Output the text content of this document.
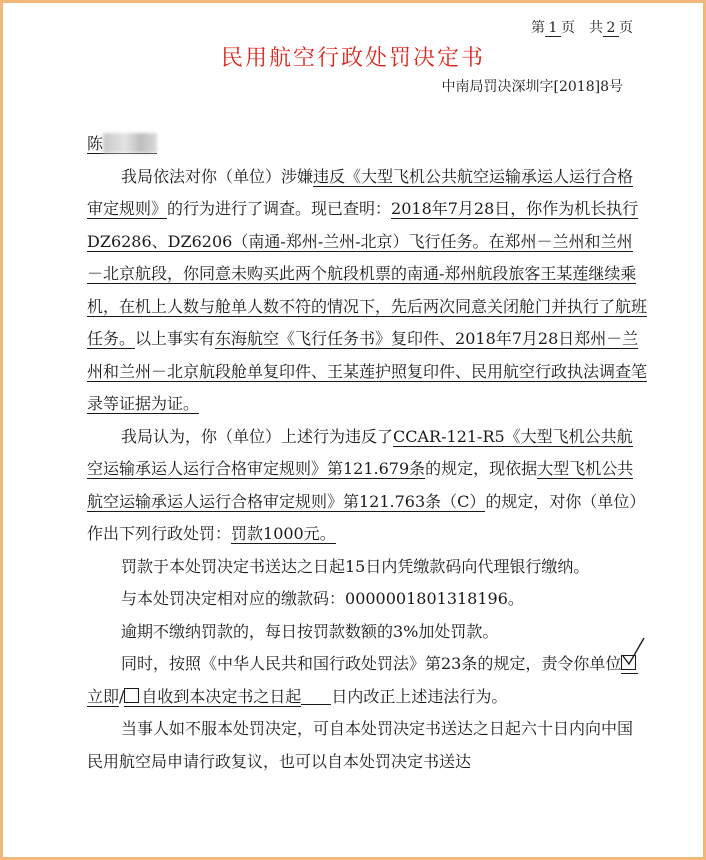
第 1 页　共 2 页
民用航空行政处罚决定书
中南局罚决深圳字[2018]8号

陈

我局依法对你（单位）涉嫌违反《大型飞机公共航空运输承运人运行合格审定规则》的行为进行了调查。现已查明：2018年7月28日，你作为机长执行DZ6286、DZ6206（南通-郑州-兰州-北京）飞行任务。在郑州－兰州和兰州－北京航段，你同意未购买此两个航段机票的南通-郑州航段旅客王某莲继续乘机，在机上人数与舱单人数不符的情况下，先后两次同意关闭舱门并执行了航班任务。以上事实有东海航空《飞行任务书》复印件、2018年7月28日郑州－兰州和兰州－北京航段舱单复印件、王某莲护照复印件、民用航空行政执法调查笔录等证据为证。

我局认为，你（单位）上述行为违反了CCAR-121-R5《大型飞机公共航空运输承运人运行合格审定规则》第121.679条的规定，现依据大型飞机公共航空运输承运人运行合格审定规则》第121.763条（C）的规定，对你（单位）作出下列行政处罚：罚款1000元。

罚款于本处罚决定书送达之日起15日内凭缴款码向代理银行缴纳。

与本处罚决定相对应的缴款码：0000001801318196。

逾期不缴纳罚款的，每日按罚款数额的3%加处罚款。

同时，按照《中华人民共和国行政处罚法》第23条的规定，责令你单位
立即/ 自收到本决定书之日起 日内改正上述违法行为。

当事人如不服本处罚决定，可自本处罚决定书送达之日起六十日内向中国民用航空局申请行政复议，也可以自本处罚决定书送达
